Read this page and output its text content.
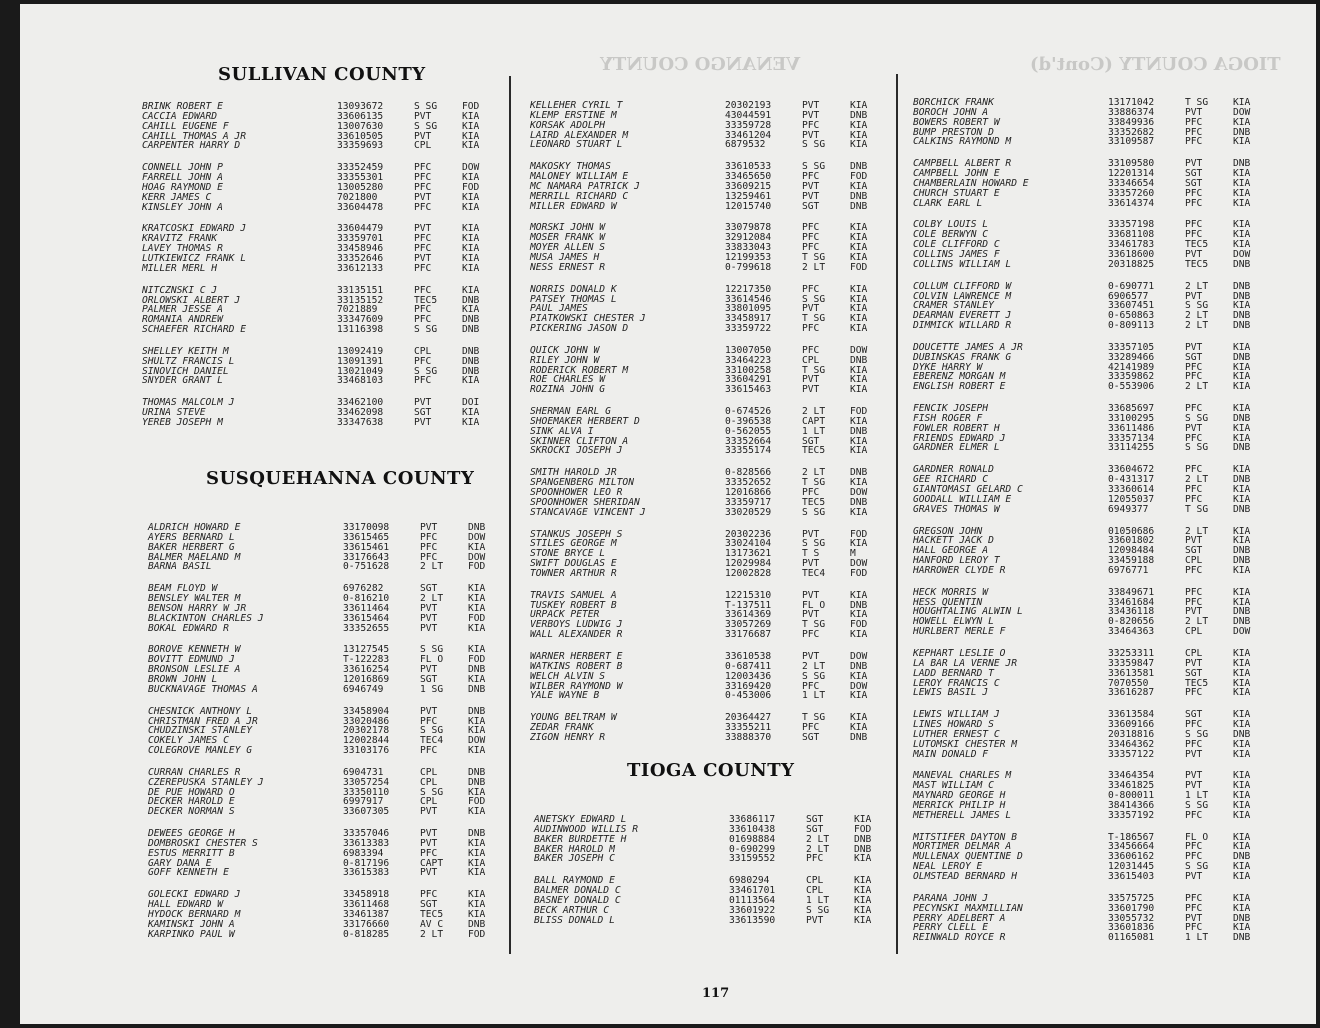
VENANGO COUNTY	TIOGA COUNTY (Cont'd)
SULLIVAN COUNTY
BRINK ROBERT E	13093672	S SG	FOD
CACCIA EDWARD	33606135	PVT	KIA
CAHILL EUGENE F	13007630	S SG	KIA
CAHILL THOMAS A JR	33610505	PVT	KIA
CARPENTER HARRY D	33359693	CPL	KIA
CONNELL JOHN P	33352459	PFC	DOW
FARRELL JOHN A	33355301	PFC	KIA
HOAG RAYMOND E	13005280	PFC	FOD
KERR JAMES C	7021800	PVT	KIA
KINSLEY JOHN A	33604478	PFC	KIA
KRATCOSKI EDWARD J	33604479	PVT	KIA
KRAVITZ FRANK	33359701	PFC	KIA
LAVEY THOMAS R	33458946	PFC	KIA
LUTKIEWICZ FRANK L	33352646	PVT	KIA
MILLER MERL H	33612133	PFC	KIA
NITCZNSKI C J	33135151	PFC	KIA
ORLOWSKI ALBERT J	33135152	TEC5	DNB
PALMER JESSE A	7021889	PFC	KIA
ROMANIA ANDREW	33347609	PFC	DNB
SCHAEFER RICHARD E	13116398	S SG	DNB
SHELLEY KEITH M	13092419	CPL	DNB
SHULTZ FRANCIS L	13091391	PFC	DNB
SINOVICH DANIEL	13021049	S SG	DNB
SNYDER GRANT L	33468103	PFC	KIA
THOMAS MALCOLM J	33462100	PVT	DOI
URINA STEVE	33462098	SGT	KIA
YEREB JOSEPH M	33347638	PVT	KIA
SUSQUEHANNA COUNTY
ALDRICH HOWARD E	33170098	PVT	DNB
AYERS BERNARD L	33615465	PFC	DOW
BAKER HERBERT G	33615461	PFC	KIA
BALMER MAELAND M	33176643	PFC	DOW
BARNA BASIL	0-751628	2 LT	FOD
BEAM FLOYD W	6976282	SGT	KIA
BENSLEY WALTER M	0-816210	2 LT	KIA
BENSON HARRY W JR	33611464	PVT	KIA
BLACKINTON CHARLES J	33615464	PVT	FOD
BOKAL EDWARD R	33352655	PVT	KIA
BOROVE KENNETH W	13127545	S SG	KIA
BOVITT EDMUND J	T-122283	FL O	FOD
BRONSON LESLIE A	33616254	PVT	DNB
BROWN JOHN L	12016869	SGT	KIA
BUCKNAVAGE THOMAS A	6946749	1 SG	DNB
CHESNICK ANTHONY L	33458904	PVT	DNB
CHRISTMAN FRED A JR	33020486	PFC	KIA
CHUDZINSKI STANLEY	20302178	S SG	KIA
COKELY JAMES C	12002844	TEC4	DOW
COLEGROVE MANLEY G	33103176	PFC	KIA
CURRAN CHARLES R	6904731	CPL	DNB
CZEREPUSKA STANLEY J	33057254	CPL	DNB
DE PUE HOWARD O	33350110	S SG	KIA
DECKER HAROLD E	6997917	CPL	FOD
DECKER NORMAN S	33607305	PVT	KIA
DEWEES GEORGE H	33357046	PVT	DNB
DOMBROSKI CHESTER S	33613383	PVT	KIA
ESTUS MERRITT B	6983394	PFC	KIA
GARY DANA E	0-817196	CAPT	KIA
GOFF KENNETH E	33615383	PVT	KIA
GOLECKI EDWARD J	33458918	PFC	KIA
HALL EDWARD W	33611468	SGT	KIA
HYDOCK BERNARD M	33461387	TEC5	KIA
KAMINSKI JOHN A	33176660	AV C	DNB
KARPINKO PAUL W	0-818285	2 LT	FOD
KELLEHER CYRIL T	20302193	PVT	KIA
KLEMP ERSTINE M	43044591	PVT	DNB
KORSAK ADOLPH	33359728	PFC	KIA
LAIRD ALEXANDER M	33461204	PVT	KIA
LEONARD STUART L	6879532	S SG	KIA
MAKOSKY THOMAS	33610533	S SG	DNB
MALONEY WILLIAM E	33465650	PFC	FOD
MC NAMARA PATRICK J	33609215	PVT	KIA
MERRILL RICHARD C	13259461	PVT	DNB
MILLER EDWARD W	12015740	SGT	DNB
MORSKI JOHN W	33079878	PFC	KIA
MOSER FRANK W	32912084	PFC	KIA
MOYER ALLEN S	33833043	PFC	KIA
MUSA JAMES H	12199353	T SG	KIA
NESS ERNEST R	0-799618	2 LT	FOD
NORRIS DONALD K	12217350	PFC	KIA
PATSEY THOMAS L	33614546	S SG	KIA
PAUL JAMES	33801095	PVT	KIA
PIATKOWSKI CHESTER J	33458917	T SG	KIA
PICKERING JASON D	33359722	PFC	KIA
QUICK JOHN W	13007050	PFC	DOW
RILEY JOHN W	33464223	CPL	DNB
RODERICK ROBERT M	33100258	T SG	KIA
ROE CHARLES W	33604291	PVT	KIA
ROZINA JOHN G	33615463	PVT	KIA
SHERMAN EARL G	0-674526	2 LT	FOD
SHOEMAKER HERBERT D	0-396538	CAPT	KIA
SINK ALVA I	0-562055	1 LT	DNB
SKINNER CLIFTON A	33352664	SGT	KIA
SKROCKI JOSEPH J	33355174	TEC5	KIA
SMITH HAROLD JR	0-828566	2 LT	DNB
SPANGENBERG MILTON	33352652	T SG	KIA
SPOONHOWER LEO R	12016866	PFC	DOW
SPOONHOWER SHERIDAN	33359717	TEC5	DNB
STANCAVAGE VINCENT J	33020529	S SG	KIA
STANKUS JOSEPH S	20302236	PVT	FOD
STILES GEORGE M	33024104	S SG	KIA
STONE BRYCE L	13173621	T S	M
SWIFT DOUGLAS E	12029984	PVT	DOW
TOWNER ARTHUR R	12002828	TEC4	FOD
TRAVIS SAMUEL A	12215310	PVT	KIA
TUSKEY ROBERT B	T-137511	FL O	DNB
URPACK PETER	33614369	PVT	KIA
VERBOYS LUDWIG J	33057269	T SG	FOD
WALL ALEXANDER R	33176687	PFC	KIA
WARNER HERBERT E	33610538	PVT	DOW
WATKINS ROBERT B	0-687411	2 LT	DNB
WELCH ALVIN S	12003436	S SG	KIA
WILBER RAYMOND W	33169420	PFC	DOW
YALE WAYNE B	0-453006	1 LT	KIA
YOUNG BELTRAM W	20364427	T SG	KIA
ZEDAR FRANK	33355211	PFC	KIA
ZIGON HENRY R	33888370	SGT	DNB
TIOGA COUNTY
ANETSKY EDWARD L	33686117	SGT	KIA
AUDINWOOD WILLIS R	33610438	SGT	FOD
BAKER BURDETTE H	01698884	2 LT	DNB
BAKER HAROLD M	0-690299	2 LT	DNB
BAKER JOSEPH C	33159552	PFC	KIA
BALL RAYMOND E	6980294	CPL	KIA
BALMER DONALD C	33461701	CPL	KIA
BASNEY DONALD C	01113564	1 LT	KIA
BECK ARTHUR C	33601922	S SG	KIA
BLISS DONALD L	33613590	PVT	KIA
BORCHICK FRANK	13171042	T SG	KIA
BOROCH JOHN A	33886374	PVT	DOW
BOWERS ROBERT W	33849936	PFC	KIA
BUMP PRESTON D	33352682	PFC	DNB
CALKINS RAYMOND M	33109587	PFC	KIA
CAMPBELL ALBERT R	33109580	PVT	DNB
CAMPBELL JOHN E	12201314	SGT	KIA
CHAMBERLAIN HOWARD E	33346654	SGT	KIA
CHURCH STUART E	33357260	PFC	KIA
CLARK EARL L	33614374	PFC	KIA
COLBY LOUIS L	33357198	PFC	KIA
COLE BERWYN C	33681108	PFC	KIA
COLE CLIFFORD C	33461783	TEC5	KIA
COLLINS JAMES F	33618600	PVT	DOW
COLLINS WILLIAM L	20318825	TEC5	DNB
COLLUM CLIFFORD W	0-690771	2 LT	DNB
COLVIN LAWRENCE M	6906577	PVT	DNB
CRAMER STANLEY	33607451	S SG	KIA
DEARMAN EVERETT J	0-650863	2 LT	DNB
DIMMICK WILLARD R	0-809113	2 LT	DNB
DOUCETTE JAMES A JR	33357105	PVT	KIA
DUBINSKAS FRANK G	33289466	SGT	DNB
DYKE HARRY W	42141989	PFC	KIA
EBERENZ MORGAN M	33359862	PFC	KIA
ENGLISH ROBERT E	0-553906	2 LT	KIA
FENCIK JOSEPH	33685697	PFC	KIA
FISH ROGER F	33100295	S SG	DNB
FOWLER ROBERT H	33611486	PVT	KIA
FRIENDS EDWARD J	33357134	PFC	KIA
GARDNER ELMER L	33114255	S SG	DNB
GARDNER RONALD	33604672	PFC	KIA
GEE RICHARD C	0-431317	2 LT	DNB
GIANTOMASI GELARD C	33360614	PFC	KIA
GOODALL WILLIAM E	12055037	PFC	KIA
GRAVES THOMAS W	6949377	T SG	DNB
GREGSON JOHN	01050686	2 LT	KIA
HACKETT JACK D	33601802	PVT	KIA
HALL GEORGE A	12098484	SGT	DNB
HANFORD LEROY T	33459188	CPL	DNB
HARROWER CLYDE R	6976771	PFC	KIA
HECK MORRIS W	33849671	PFC	KIA
HESS QUENTIN	33461684	PFC	KIA
HOUGHTALING ALWIN L	33436118	PVT	DNB
HOWELL ELWYN L	0-820656	2 LT	DNB
HURLBERT MERLE F	33464363	CPL	DOW
KEPHART LESLIE O	33253311	CPL	KIA
LA BAR LA VERNE JR	33359847	PVT	KIA
LADD BERNARD T	33613581	SGT	KIA
LEROY FRANCIS C	7070550	TEC5	KIA
LEWIS BASIL J	33616287	PFC	KIA
LEWIS WILLIAM J	33613584	SGT	KIA
LINES HOWARD S	33609166	PFC	KIA
LUTHER ERNEST C	20318816	S SG	DNB
LUTOMSKI CHESTER M	33464362	PFC	KIA
MAIN DONALD F	33357122	PVT	KIA
MANEVAL CHARLES M	33464354	PVT	KIA
MAST WILLIAM C	33461825	PVT	KIA
MAYNARD GEORGE H	0-800011	1 LT	KIA
MERRICK PHILIP H	38414366	S SG	KIA
METHERELL JAMES L	33357192	PFC	KIA
MITSTIFER DAYTON B	T-186567	FL O	KIA
MORTIMER DELMAR A	33456664	PFC	KIA
MULLENAX QUENTINE D	33606162	PFC	DNB
NEAL LEROY E	12031445	S SG	KIA
OLMSTEAD BERNARD H	33615403	PVT	KIA
PARANA JOHN J	33575725	PFC	KIA
PECYNSKI MAXMILLIAN	33601790	PFC	KIA
PERRY ADELBERT A	33055732	PVT	DNB
PERRY CLELL E	33601836	PFC	KIA
REINWALD ROYCE R	01165081	1 LT	DNB
117
